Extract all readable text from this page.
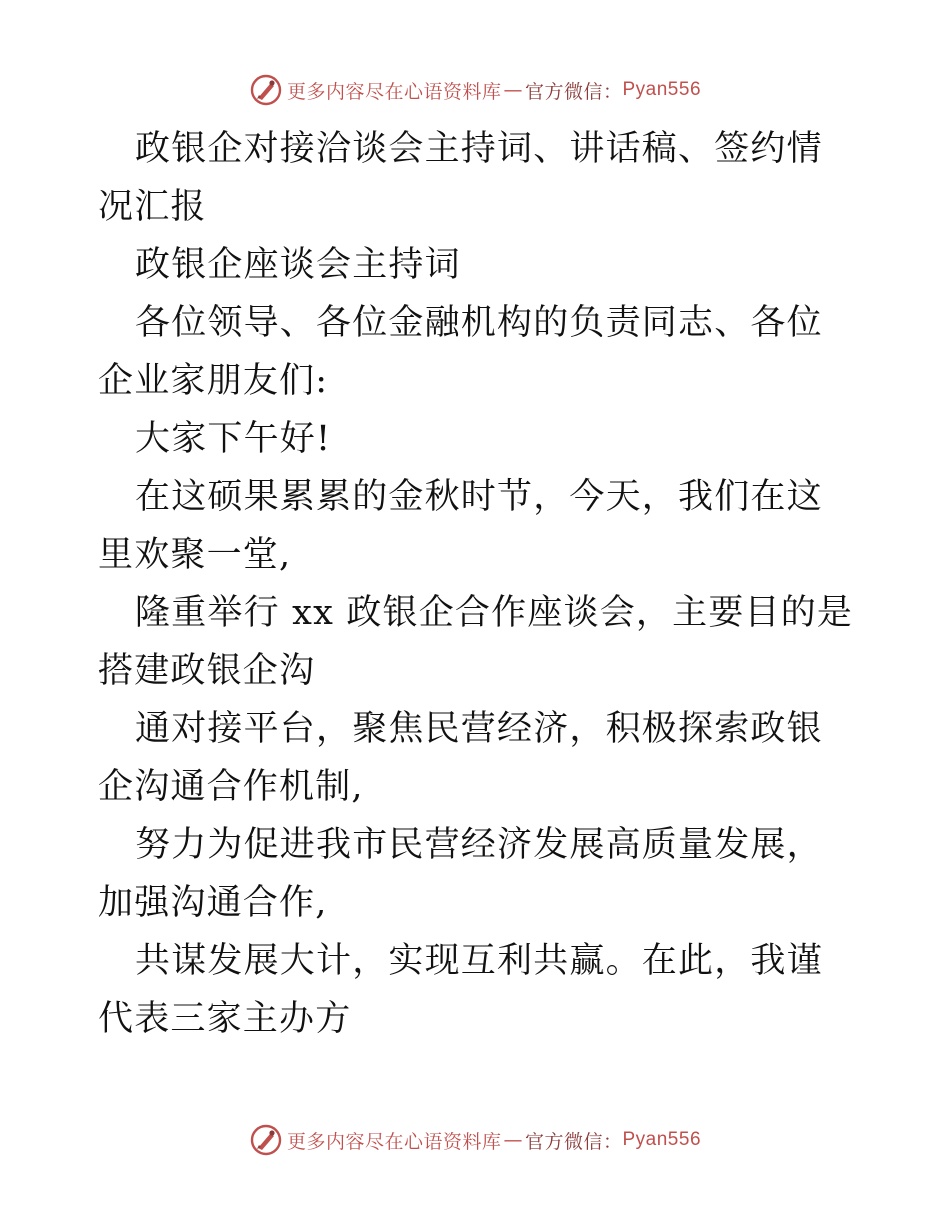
更多内容尽在心语资料库 — 官方微信： Pyan556

政银企对接洽谈会主持词、讲话稿、签约情况汇报

政银企座谈会主持词

各位领导、各位金融机构的负责同志、各位企业家朋友们:

大家下午好!

在这硕果累累的金秋时节，今天，我们在这里欢聚一堂,

隆重举行 xx 政银企合作座谈会，主要目的是搭建政银企沟

通对接平台，聚焦民营经济，积极探索政银企沟通合作机制,

努力为促进我市民营经济发展高质量发展，加强沟通合作,

共谋发展大计，实现互利共赢。在此，我谨代表三家主办方

更多内容尽在心语资料库 — 官方微信： Pyan556
